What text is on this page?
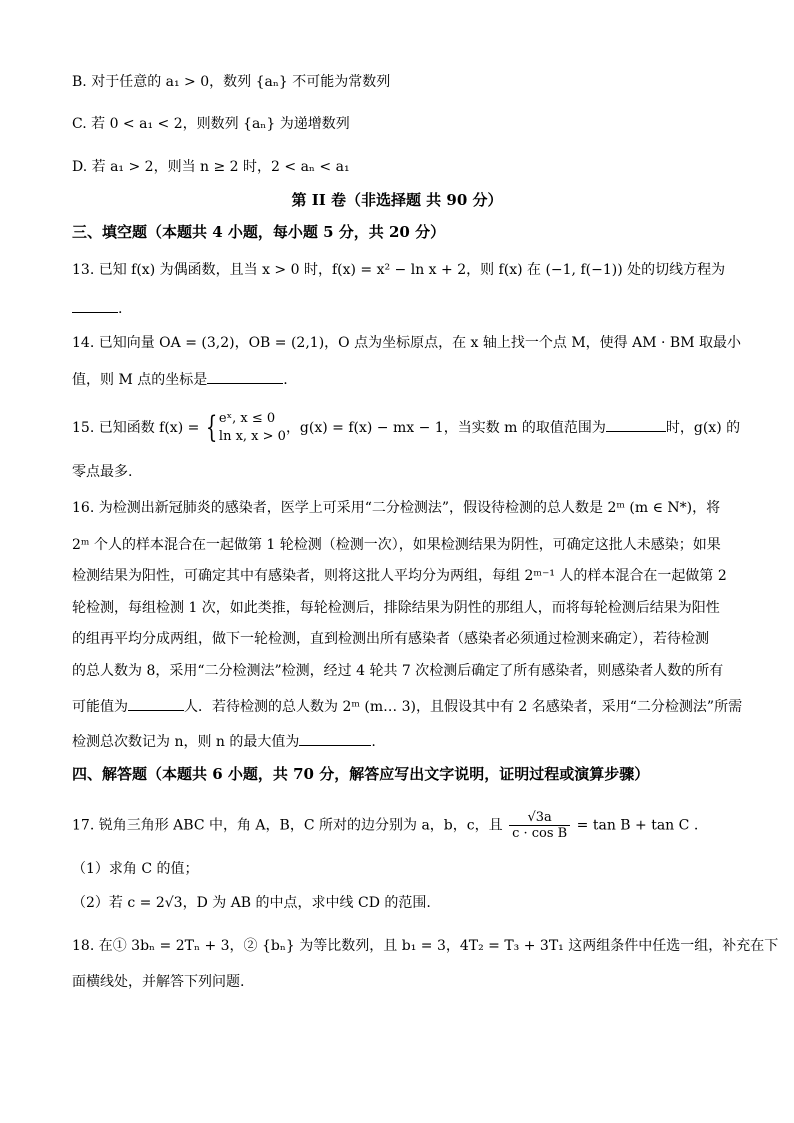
B. 对于任意的 a₁ > 0，数列 {aₙ} 不可能为常数列
C. 若 0 < a₁ < 2，则数列 {aₙ} 为递增数列
D. 若 a₁ > 2，则当 n ≥ 2 时，2 < aₙ < a₁
第 II 卷（非选择题 共 90 分）
三、填空题（本题共 4 小题，每小题 5 分，共 20 分）
13. 已知 f(x) 为偶函数，且当 x > 0 时，f(x) = x² − ln x + 2，则 f(x) 在 (−1, f(−1)) 处的切线方程为
.
14. 已知向量 OA = (3,2)，OB = (2,1)，O 点为坐标原点，在 x 轴上找一个点 M，使得 AM · BM 取最小
值，则 M 点的坐标是	.
15. 已知函数 f(x) = { eˣ, x ≤ 0
ln x, x > 0
，g(x) = f(x) − mx − 1，当实数 m 的取值范围为	时，g(x) 的
零点最多.
16. 为检测出新冠肺炎的感染者，医学上可采用“二分检测法”，假设待检测的总人数是 2ᵐ (m ∈ N*)，将
2ᵐ 个人的样本混合在一起做第 1 轮检测（检测一次），如果检测结果为阴性，可确定这批人未感染；如果
检测结果为阳性，可确定其中有感染者，则将这批人平均分为两组，每组 2ᵐ⁻¹ 人的样本混合在一起做第 2
轮检测，每组检测 1 次，如此类推，每轮检测后，排除结果为阴性的那组人，而将每轮检测后结果为阳性
的组再平均分成两组，做下一轮检测，直到检测出所有感染者（感染者必须通过检测来确定），若待检测
的总人数为 8，采用“二分检测法”检测，经过 4 轮共 7 次检测后确定了所有感染者，则感染者人数的所有
可能值为	人．若待检测的总人数为 2ᵐ (m… 3)，且假设其中有 2 名感染者，采用“二分检测法”所需
检测总次数记为 n，则 n 的最大值为	.
四、解答题（本题共 6 小题，共 70 分，解答应写出文字说明，证明过程或演算步骤）
17. 锐角三角形 ABC 中，角 A，B，C 所对的边分别为 a，b，c，且 $\frac{√3a}{\text{c · cos B}} = \tan B + \tan C$ .
（1）求角 C 的值；
（2）若 c = 2√3，D 为 AB 的中点，求中线 CD 的范围.
18. 在① 3bₙ = 2Tₙ + 3，② {bₙ} 为等比数列，且 b₁ = 3，4T₂ = T₃ + 3T₁ 这两组条件中任选一组，补充在下
面横线处，并解答下列问题.
